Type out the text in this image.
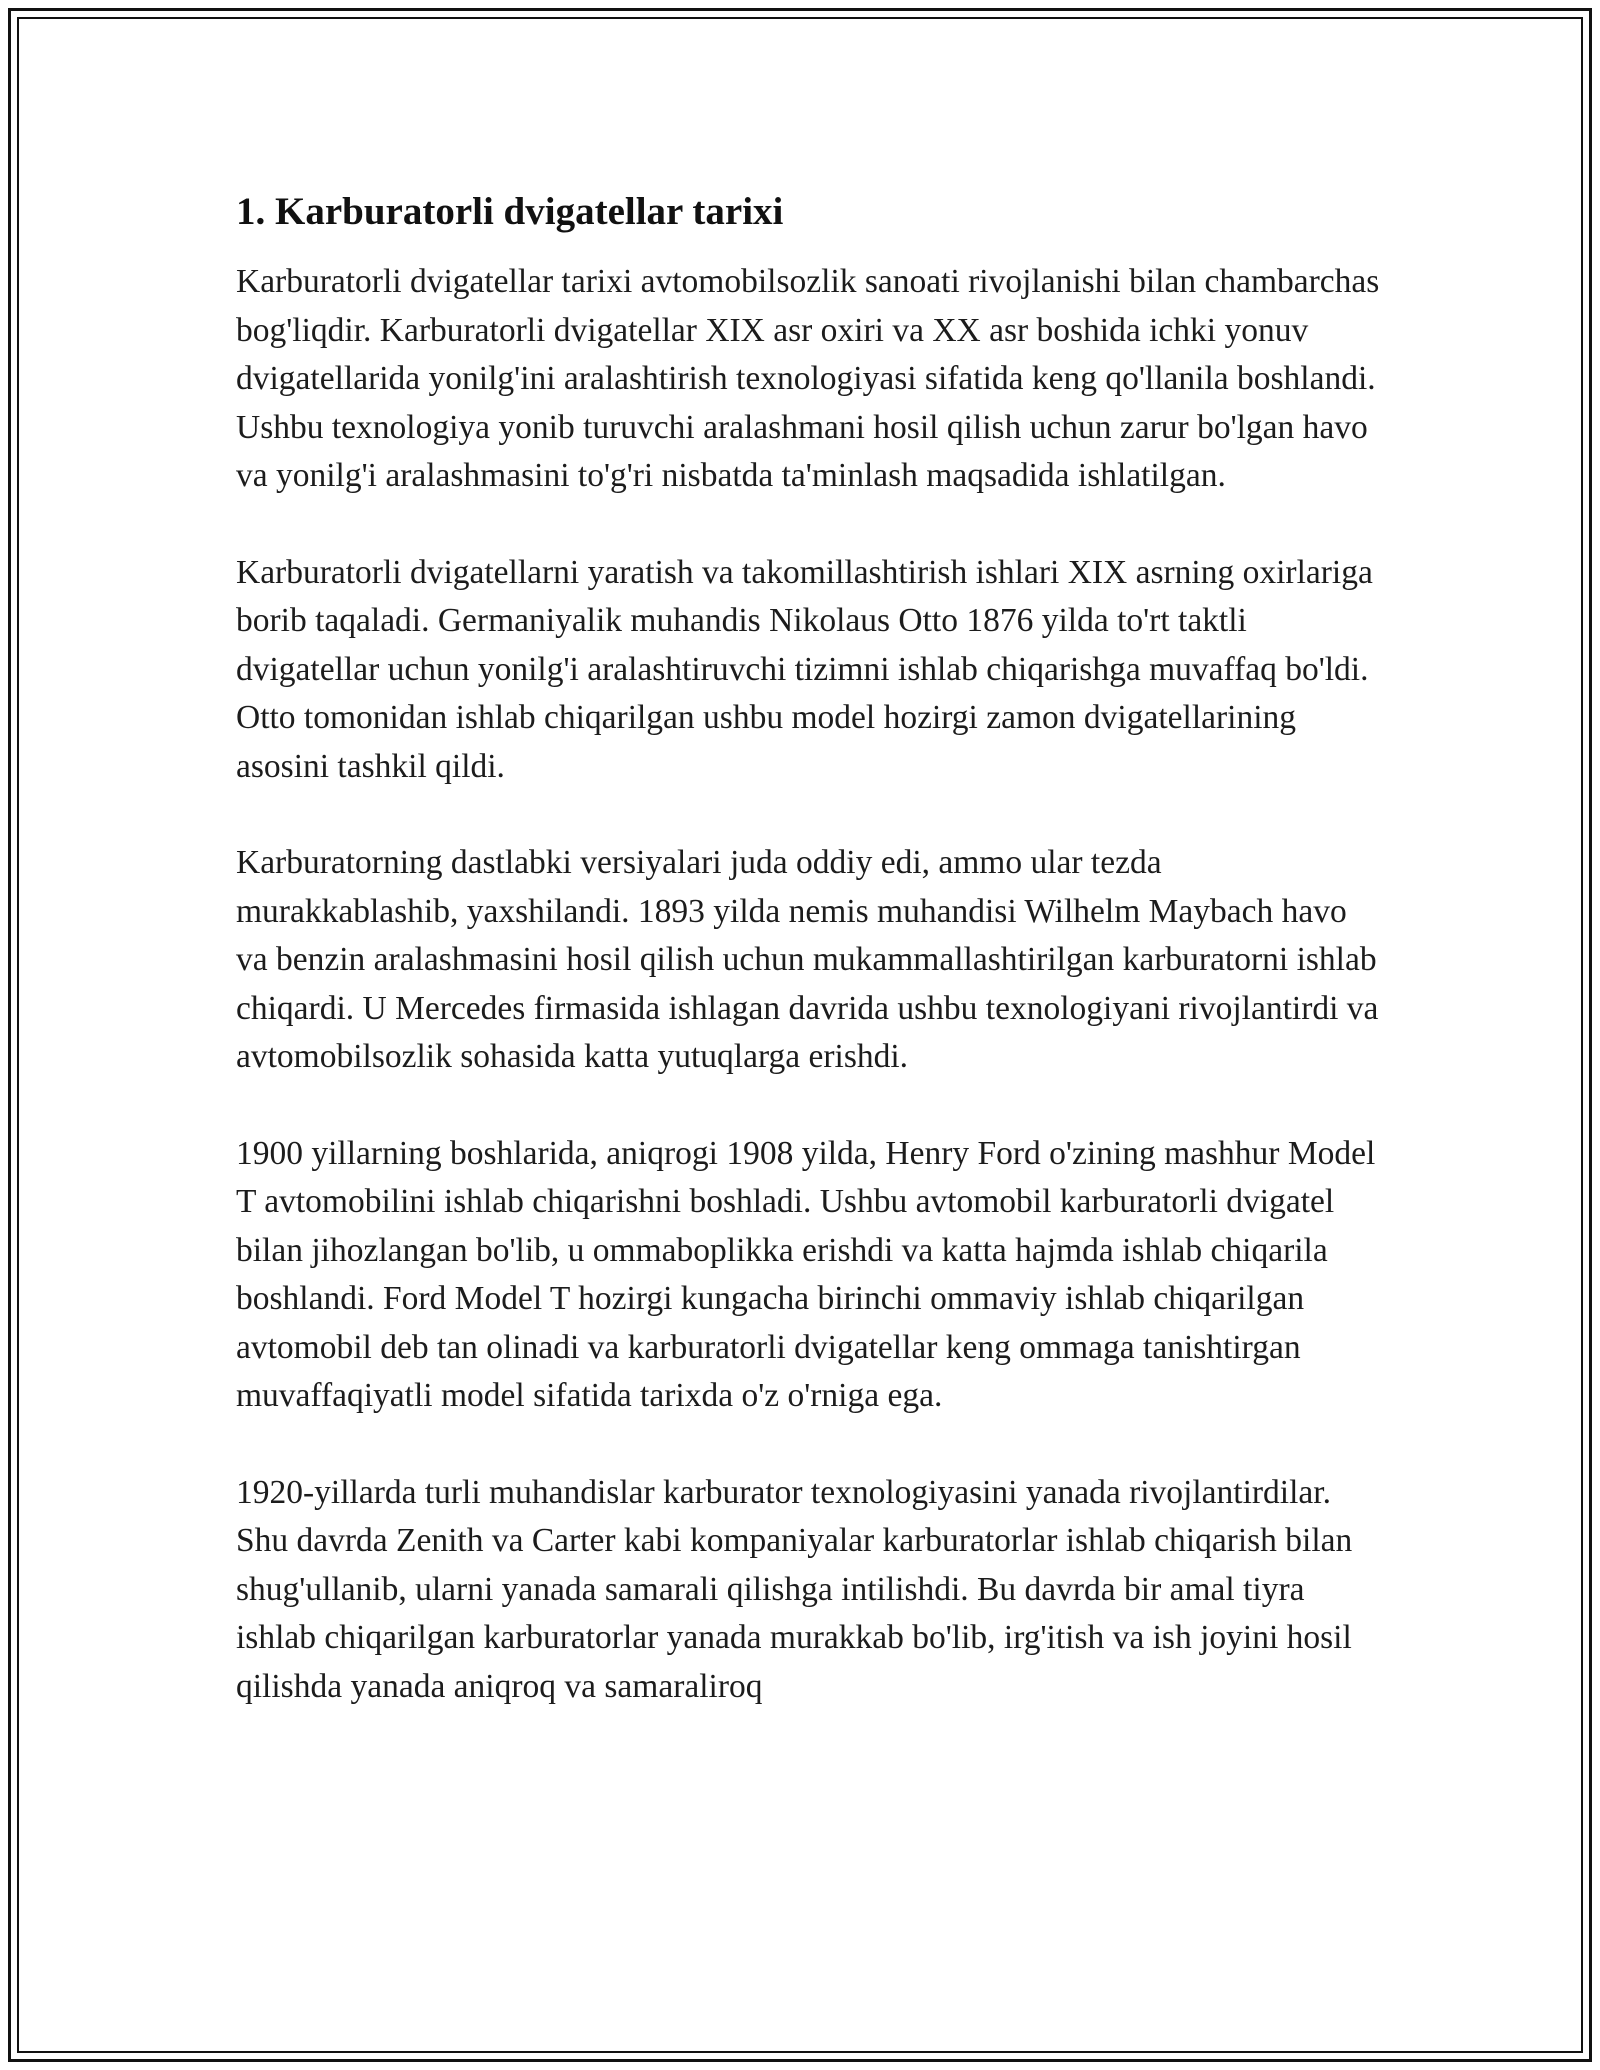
1. Karburatorli dvigatellar tarixi

Karburatorli dvigatellar tarixi avtomobilsozlik sanoati rivojlanishi bilan chambarchas bog'liqdir. Karburatorli dvigatellar XIX asr oxiri va XX asr boshida ichki yonuv dvigatellarida yonilg'ini aralashtirish texnologiyasi sifatida keng qo'llanila boshlandi. Ushbu texnologiya yonib turuvchi aralashmani hosil qilish uchun zarur bo'lgan havo va yonilg'i aralashmasini to'g'ri nisbatda ta'minlash maqsadida ishlatilgan.

Karburatorli dvigatellarni yaratish va takomillashtirish ishlari XIX asrning oxirlariga borib taqaladi. Germaniyalik muhandis Nikolaus Otto 1876 yilda to'rt taktli dvigatellar uchun yonilg'i aralashtiruvchi tizimni ishlab chiqarishga muvaffaq bo'ldi. Otto tomonidan ishlab chiqarilgan ushbu model hozirgi zamon dvigatellarining asosini tashkil qildi.

Karburatorning dastlabki versiyalari juda oddiy edi, ammo ular tezda murakkablashib, yaxshilandi. 1893 yilda nemis muhandisi Wilhelm Maybach havo va benzin aralashmasini hosil qilish uchun mukammallashtirilgan karburatorni ishlab chiqardi. U Mercedes firmasida ishlagan davrida ushbu texnologiyani rivojlantirdi va avtomobilsozlik sohasida katta yutuqlarga erishdi.

1900 yillarning boshlarida, aniqrogi 1908 yilda, Henry Ford o'zining mashhur Model T avtomobilini ishlab chiqarishni boshladi. Ushbu avtomobil karburatorli dvigatel bilan jihozlangan bo'lib, u ommaboplikka erishdi va katta hajmda ishlab chiqarila boshlandi. Ford Model T hozirgi kungacha birinchi ommaviy ishlab chiqarilgan avtomobil deb tan olinadi va karburatorli dvigatellar keng ommaga tanishtirgan muvaffaqiyatli model sifatida tarixda o'z o'rniga ega.

1920-yillarda turli muhandislar karburator texnologiyasini yanada rivojlantirdilar. Shu davrda Zenith va Carter kabi kompaniyalar karburatorlar ishlab chiqarish bilan shug'ullanib, ularni yanada samarali qilishga intilishdi. Bu davrda bir amal tiyra ishlab chiqarilgan karburatorlar yanada murakkab bo'lib, irg'itish va ish joyini hosil qilishda yanada aniqroq va samaraliroq
